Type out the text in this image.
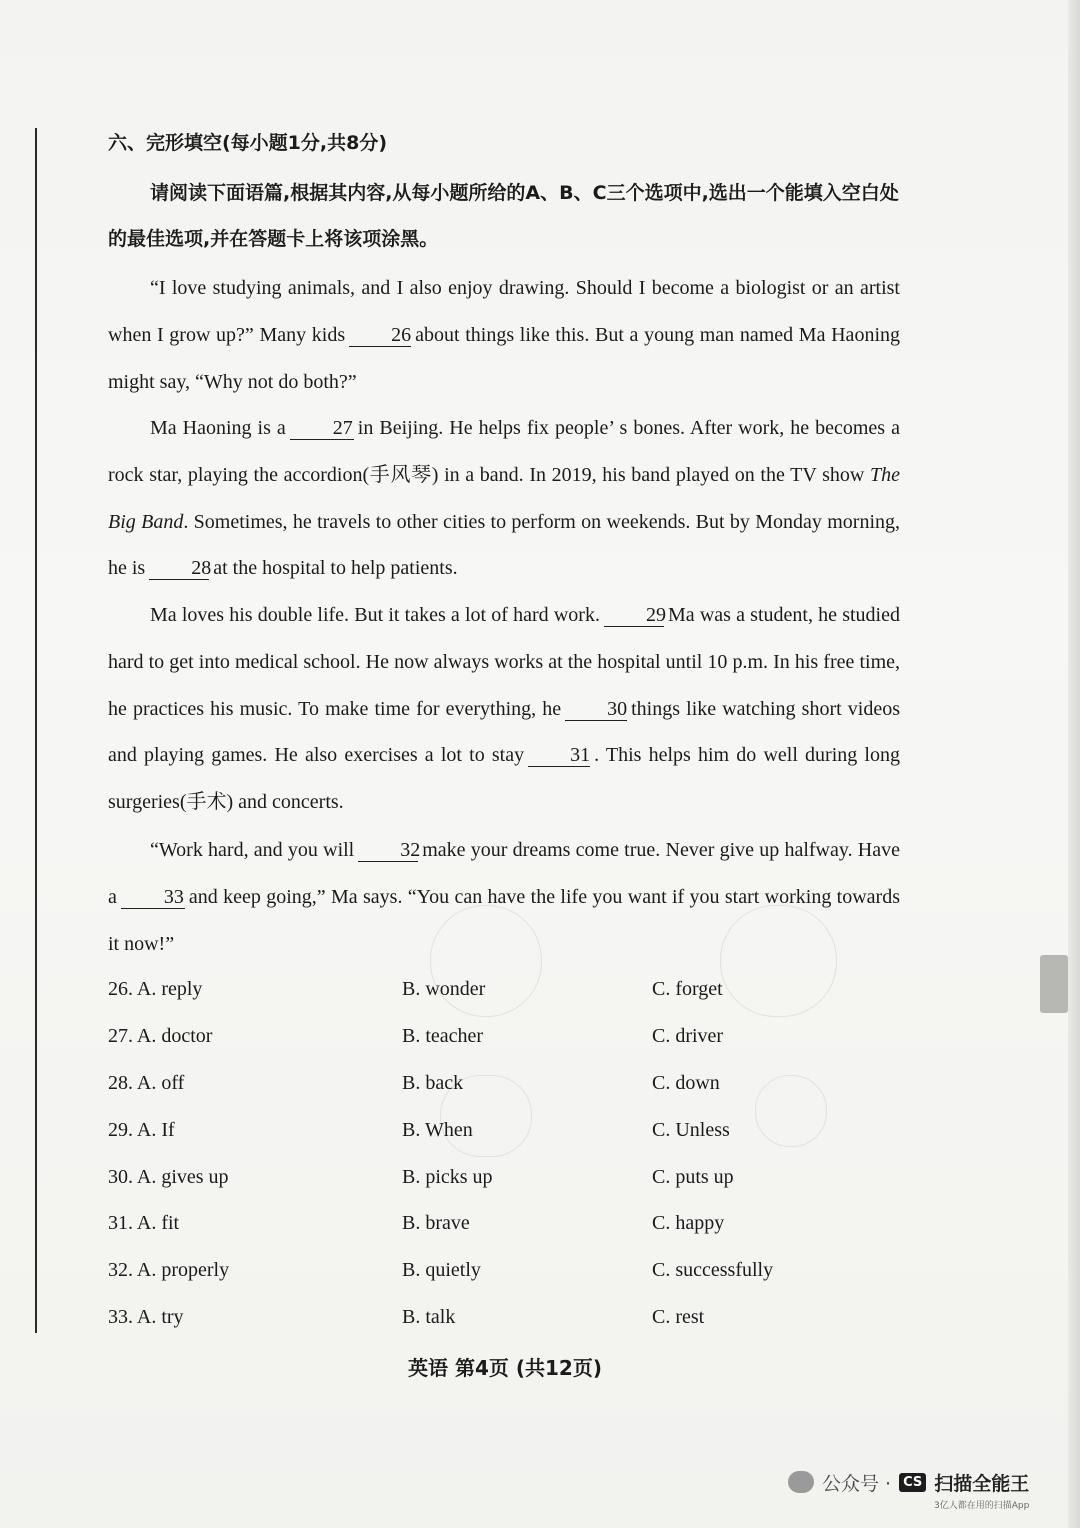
六、完形填空(每小题1分,共8分)
请阅读下面语篇,根据其内容,从每小题所给的A、B、C三个选项中,选出一个能填入空白处的最佳选项,并在答题卡上将该项涂黑。
“I love studying animals, and I also enjoy drawing. Should I become a biologist or an artist when I grow up?” Many kids 26 about things like this. But a young man named Ma Haoning might say, “Why not do both?”
Ma Haoning is a 27 in Beijing. He helps fix people’ s bones. After work, he becomes a rock star, playing the accordion(手风琴) in a band. In 2019, his band played on the TV show The Big Band. Sometimes, he travels to other cities to perform on weekends. But by Monday morning, he is 28 at the hospital to help patients.
Ma loves his double life. But it takes a lot of hard work. 29 Ma was a student, he studied hard to get into medical school. He now always works at the hospital until 10 p.m. In his free time, he practices his music. To make time for everything, he 30 things like watching short videos and playing games. He also exercises a lot to stay 31 . This helps him do well during long surgeries(手术) and concerts.
“Work hard, and you will 32 make your dreams come true. Never give up halfway. Have a 33 and keep going,” Ma says. “You can have the life you want if you start working towards it now!”
26. A. reply	B. wonder	C. forget
27. A. doctor	B. teacher	C. driver
28. A. off	B. back	C. down
29. A. If	B. When	C. Unless
30. A. gives up	B. picks up	C. puts up
31. A. fit	B. brave	C. happy
32. A. properly	B. quietly	C. successfully
33. A. try	B. talk	C. rest
英语 第4页 (共12页)
公众号 · CS 扫描全能王
3亿人都在用的扫描App
